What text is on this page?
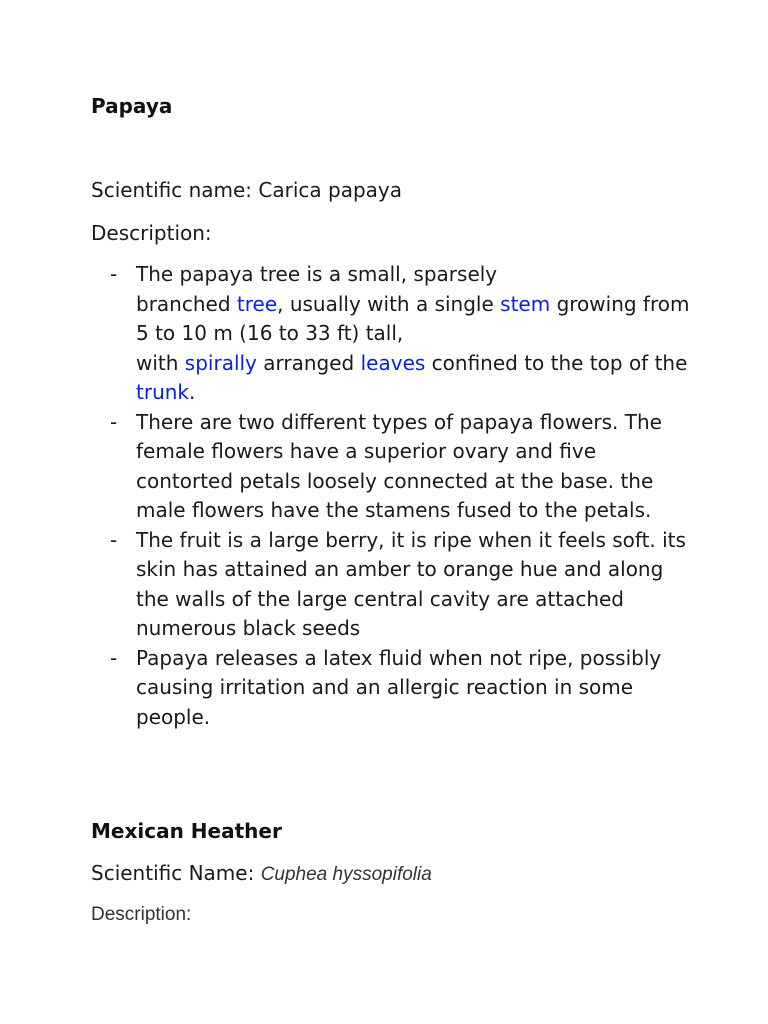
Papaya

Scientific name: Carica papaya

Description:

- The papaya tree is a small, sparsely
branched tree, usually with a single stem growing from 5 to 10 m (16 to 33 ft) tall,
with spirally arranged leaves confined to the top of the trunk.
- There are two different types of papaya flowers. The female flowers have a superior ovary and five contorted petals loosely connected at the base. the male flowers have the stamens fused to the petals.
- The fruit is a large berry, it is ripe when it feels soft. its skin has attained an amber to orange hue and along the walls of the large central cavity are attached numerous black seeds
- Papaya releases a latex fluid when not ripe, possibly causing irritation and an allergic reaction in some people.
Mexican Heather

Scientific Name: Cuphea hyssopifolia

Description:
